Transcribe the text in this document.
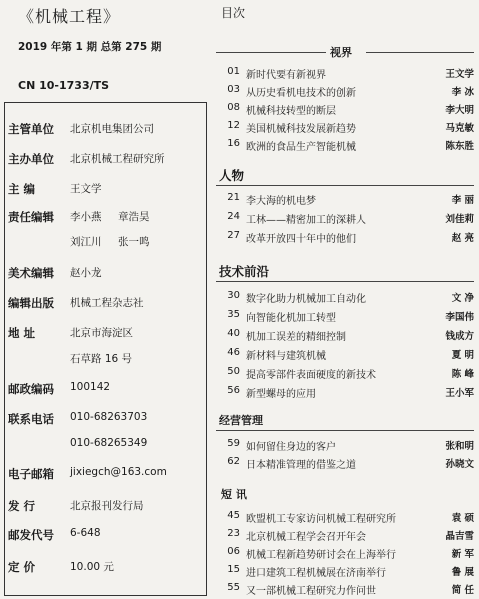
《机械工程》
2019 年第 1 期 总第 275 期
CN 10-1733/TS
主管单位 北京机电集团公司
主办单位 北京机械工程研究所
主 编	王文学
责任编辑 李小燕 章浩昊
刘江川 张一鸣
美术编辑 赵小龙
编辑出版 机械工程杂志社
地 址	北京市海淀区
石草路 16 号
邮政编码 100142
联系电话 010-68263703
010-68265349
电子邮箱 jixiegch@163.com
发 行	北京报刊发行局
邮发代号 6-648
定 价	10.00 元
目次
视界
01 新时代要有新视界	王文学
03 从历史看机电技术的创新	李 冰
08 机械科技转型的断层	李大明
12 美国机械科技发展新趋势	马克敏
16 欧洲的食品生产智能机械	陈东胜
人物
21 李大海的机电梦	李 丽
24 工林——精密加工的深耕人	刘佳莉
27 改革开放四十年中的他们	赵 亮
技术前沿
30 数字化助力机械加工自动化	文 净
35 向智能化机加工转型	李国伟
40 机加工误差的精细控制	钱成方
46 新材料与建筑机械	夏 明
50 提高零部件表面硬度的新技术	陈 峰
56 新型螺母的应用	王小军
经营管理
59 如何留住身边的客户	张和明
62 日本精准管理的借鉴之道	孙晓文
短 讯
45 欧盟机工专家访问机械工程研究所	袁 硕
23 北京机械工程学会召开年会	晶吉雪
06 机械工程新趋势研讨会在上海举行	新 军
15 进口建筑工程机械展在济南举行	鲁 展
55 又一部机械工程研究力作问世	简 任
